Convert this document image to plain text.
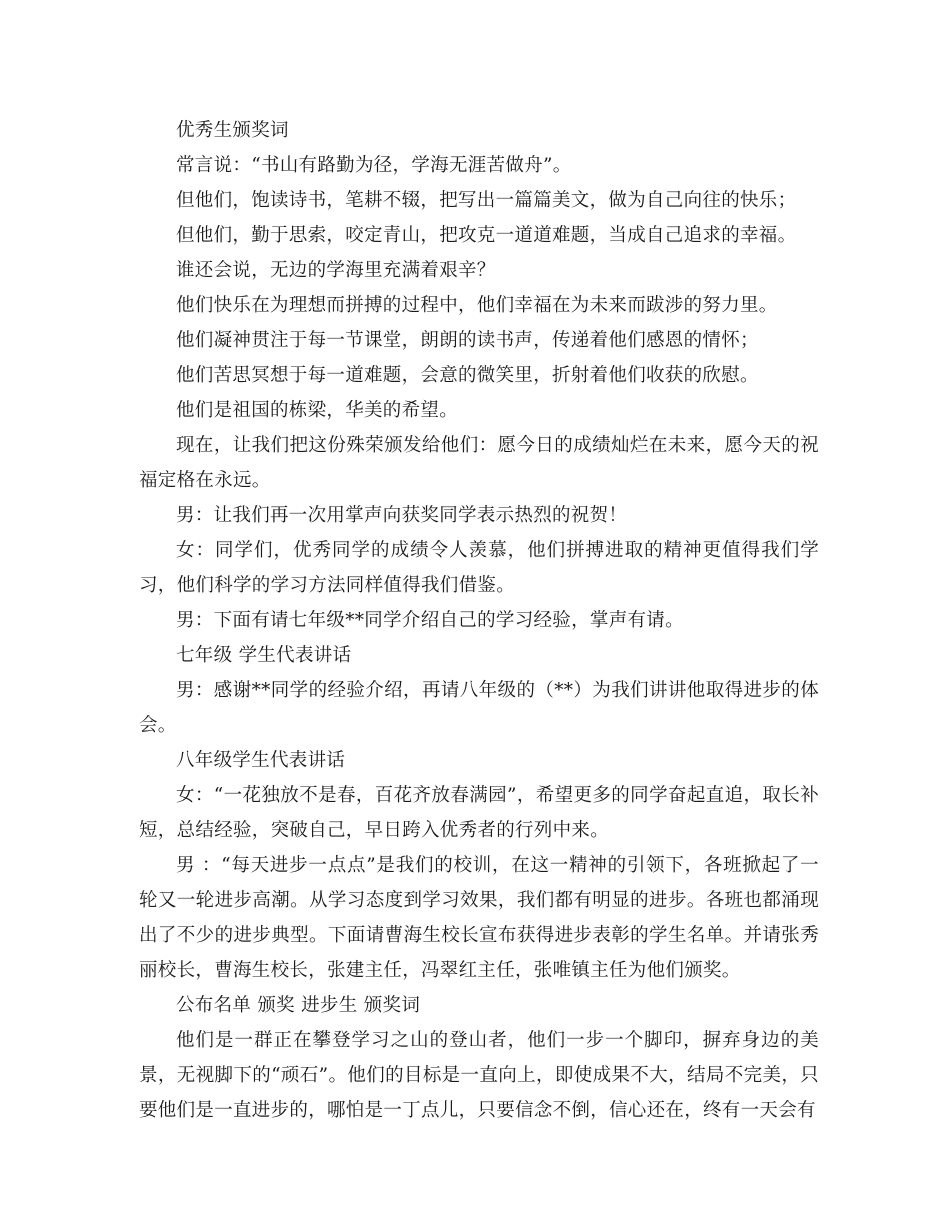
优秀生颁奖词

常言说：“书山有路勤为径，学海无涯苦做舟”。

但他们，饱读诗书，笔耕不辍，把写出一篇篇美文，做为自己向往的快乐；

但他们，勤于思索，咬定青山，把攻克一道道难题，当成自己追求的幸福。

谁还会说，无边的学海里充满着艰辛？

他们快乐在为理想而拼搏的过程中，他们幸福在为未来而跋涉的努力里。

他们凝神贯注于每一节课堂，朗朗的读书声，传递着他们感恩的情怀；

他们苦思冥想于每一道难题，会意的微笑里，折射着他们收获的欣慰。

他们是祖国的栋梁，华美的希望。

现在，让我们把这份殊荣颁发给他们：愿今日的成绩灿烂在未来，愿今天的祝福定格在永远。

男：让我们再一次用掌声向获奖同学表示热烈的祝贺！

女：同学们，优秀同学的成绩令人羡慕，他们拼搏进取的精神更值得我们学习，他们科学的学习方法同样值得我们借鉴。

男：下面有请七年级**同学介绍自己的学习经验，掌声有请。

七年级 学生代表讲话

男：感谢**同学的经验介绍，再请八年级的（**）为我们讲讲他取得进步的体会。

八年级学生代表讲话

女：“一花独放不是春，百花齐放春满园”，希望更多的同学奋起直追，取长补短，总结经验，突破自己，早日跨入优秀者的行列中来。

男 ：“每天进步一点点”是我们的校训，在这一精神的引领下，各班掀起了一轮又一轮进步高潮。从学习态度到学习效果，我们都有明显的进步。各班也都涌现出了不少的进步典型。下面请曹海生校长宣布获得进步表彰的学生名单。并请张秀丽校长，曹海生校长，张建主任，冯翠红主任，张唯镇主任为他们颁奖。

公布名单 颁奖 进步生 颁奖词

他们是一群正在攀登学习之山的登山者，他们一步一个脚印，摒弃身边的美景，无视脚下的“顽石”。他们的目标是一直向上，即使成果不大，结局不完美，只要他们是一直进步的，哪怕是一丁点儿，只要信念不倒，信心还在，终有一天会有
